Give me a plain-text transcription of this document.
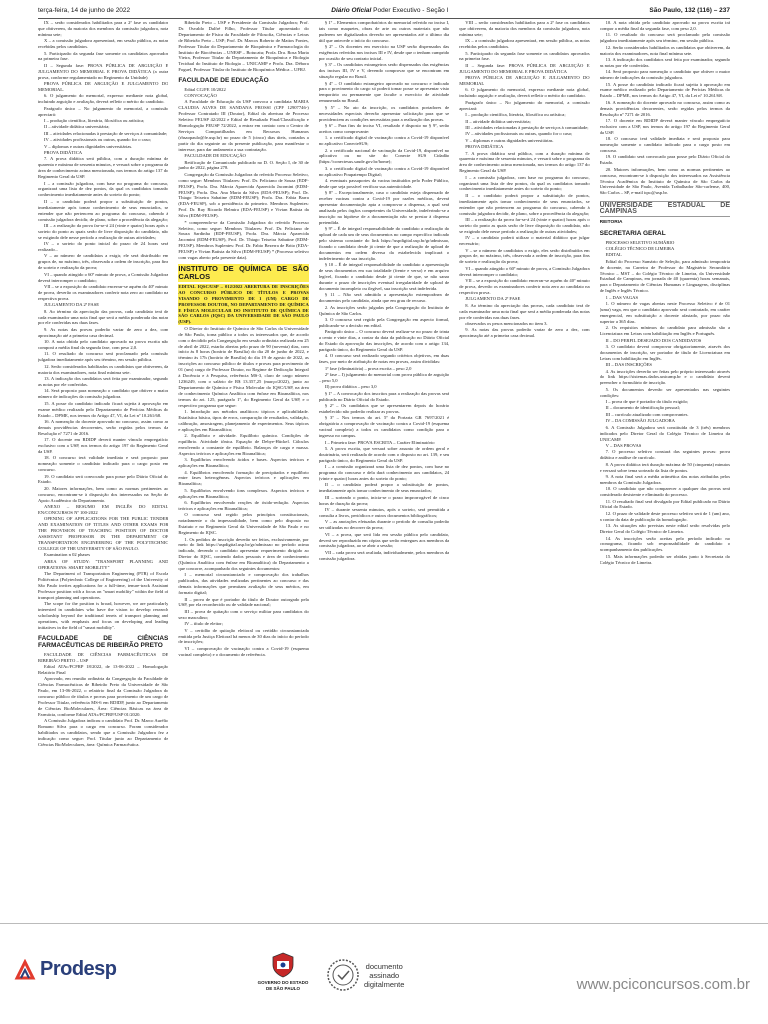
terça-feira, 14 de junho de 2022	Diário Oficial Poder Executivo - Seção I	São Paulo, 132 (116) – 237

IX – serão considerados habilitados para a 2ª fase os candidatos que obtiverem, da maioria dos membros da comissão julgadora, nota mínima sete;

X – a comissão julgadora apresentará, em sessão pública, as notas recebidas pelos candidatos.

5. Participarão da segunda fase somente os candidatos aprovados na primeira fase.

II – Segunda fase: PROVA PÚBLICA DE ARGUIÇÃO E JULGAMENTO DO MEMORIAL E PROVA DIDÁTICA (a outra prova, conforme regulamentado no Regimento da Unidade)

PROVA PÚBLICA DE ARGUIÇÃO E JULGAMENTO DO MEMORIAL.

6. O julgamento do memorial, expresso mediante nota global, incluindo arguição e avaliação, deverá refletir o mérito do candidato.

Parágrafo único – No julgamento do memorial, a comissão apreciará:

I – produção científica, literária, filosófica ou artística;

II – atividade didática universitária;

III – atividades relacionadas à prestação de serviços à comunidade;

IV – atividades profissionais ou outras, quando for o caso;

V – diplomas e outras dignidades universitárias.

PROVA DIDÁTICA

7. A prova didática será pública, com a duração mínima de quarenta e máxima de sessenta minutos, e versará sobre o programa da área de conhecimento acima mencionada, nos termos do artigo 137 do Regimento Geral da USP.

I – a comissão julgadora, com base no programa do concurso, organizará uma lista de dez pontos, da qual os candidatos tomarão conhecimento imediatamente antes do sorteio do ponto;

II – o candidato poderá propor a substituição de pontos, imediatamente após tomar conhecimento de seus enunciados, se entender que não pertencem ao programa do concurso, cabendo à comissão julgadora decidir, de plano, sobre a procedência da alegação;

III – a realização da prova far-se-á 24 (vinte e quatro) horas após o sorteio do ponto as quais serão de livre disposição do candidato, não se exigindo dele nesse período a realização de outras atividades;

IV – o sorteio do ponto inicial do prazo de 24 horas será realizado...

V – ao número de candidatos a exigir, ele será distribuído em grupos de, no máximo, três, observada a ordem de inscrição, para fins de sorteio e realização da prova;

VI – quando atingido o 60º minuto de prova, a Comissão Julgadora deverá interromper o candidato;

VII – se a exposição do candidato encerrar-se aquém do 40º minuto de prova, deverão os examinadores conferir nota zero ao candidato na respectiva prova.

JULGAMENTO DA 2ª FASE

8. Ao término da apreciação das provas, cada candidato terá de cada examinador uma nota final que será a média ponderada das notas por ele conferidas nas duas fases.

9. As notas das provas poderão variar de zero a dez, com aproximação até a primeira casa decimal.

10. A nota obtida pelo candidato aprovado na prova escrita não comporá a média final da segunda fase, com peso 2,0.

11. O resultado do concurso será proclamado pela comissão julgadora imediatamente após seu término, em sessão pública.

12. Serão considerados habilitados os candidatos que obtiverem, da maioria dos examinadores, nota final mínima sete.

13. A indicação dos candidatos será feita por examinador, segundo as notas por ele conferidas.

14. Será proposto para nomeação o candidato que obtiver o maior número de indicações da comissão julgadora.

15. A posse do candidato indicado ficará sujeita à aprovação em exame médico realizado pelo Departamento de Perícias Médicas do Estado – DPME, nos termos do Artigo 47, VI, da Lei nº 10.261/68.

16. A nomeação do docente aprovado no concurso, assim como as demais providências decorrentes, serão regidas pelos termos da Resolução nº 7271 de 2016.

17. O docente em RDIDP deverá manter vínculo empregatício exclusivo com a USP, nos termos do artigo 197 do Regimento Geral da USP.

18. O concurso terá validade imediata e será proposto para nomeação somente o candidato indicado para o cargo posto em concurso.

19. O candidato será convocado para posse pelo Diário Oficial do Estado.

20. Maiores informações, bem como as normas pertinentes ao concurso, encontram-se à disposição dos interessados na Seção de Apoio Acadêmico do Departamento.

ANEXO – RESUMO EM INGLÊS DO EDITAL EN/CONCURSOS Nº 100-2022

OPENING OF APPLICATIONS FOR THE PUBLIC TENDER AND EXAMINATION OF TITLES AND OTHER EXAMS FOR THE PROVISION OF TEACHING POSITION OF DOCTOR ASSISTANT PROFESSOR IN THE DEPARTMENT OF TRANSPORTATION ENGINEERING OF THE POLYTECHNIC COLLEGE OF THE UNIVERSITY OF SÃO PAULO.

Examination n 02 phases

AREA OF STUDY: "TRANSPORT PLANNING AND OPERATIONS: SMART MOBILITY"

The Department of Transportation Engineering (PTR) of Escola Politécnica (Polytechnic College of Engineering) of the University of São Paulo invites applications for a full-time, tenure-track Assistant Professor position with a focus on "smart mobility" within the field of transport planning and operations.

The scope for the position is broad, however, we are particularly interested in candidates who have the vision to develop research scholarship beyond the traditional tenets of transport planning and operations, with emphasis and focus on developing and leading initiatives in the field of "smart mobility".

FACULDADE DE CIÊNCIAS FARMACÊUTICAS DE RIBEIRÃO PRETO

FACULDADE DE CIÊNCIAS FARMACÊUTICAS DE RIBEIRÃO PRETO – USP

Edital ATAc/FCFRP 18/2022, de 13-06-2022 – Homologação Relatório Final

Aprovado, em reunião ordinária da Congregação da Faculdade de Ciências Farmacêuticas de Ribeirão Preto da Universidade de São Paulo, em 13-06-2022, o relatório final da Comissão Julgadora do concurso público de títulos e provas para provimento de um cargo de Professor Titular, referência MS-6 em RDIDP, junto ao Departamento de Ciências BioMoleculares, Área: Ciências Básicas na área de Farmácia, conforme Edital ATAc/FCFRP/USP 01/2020.

A Comissão Julgadora indicou o candidato Prof. Dr. Marco Aurélio Romano Silva para o cargo em concurso. Foram considerados habilitados os candidatos, sendo que a Comissão Julgadora fez a indicação como segue: Prof. Titular junto ao Departamento de Ciências BioMoleculares, área: Química Farmacêutica.

Ribeirão Preto – USP e Presidente da Comissão Julgadora; Prof. Dr. Osvaldo Dalfré Filho, Professor Titular aposentado do Departamento de Física da Faculdade de Filosofia, Ciências e Letras de Ribeirão Preto – USP; Prof. Dr. Marcos Roberto de Mattos Fontes, Professor Titular do Departamento de Bioquímica e Farmacologia do Instituto de Biociências – UNESP – Botucatu; Profa. Dra. Rosa Maria Vieira, Professor Titular do Departamento de Bioquímica e Biologia Tecidual do Instituto de Biologia – UNICAMP e Profa. Dra. Débora Foguel, Professor Titular do Instituto de Bioquímica Médica – UFRJ.

FACULDADE DE EDUCAÇÃO

Edital CG/FE 10/2022

CONVOCAÇÃO

A Faculdade de Educação da USP convoca a candidata MARIA CLAUDIA ALVES DE SANDANA FROSSI (CPF 12907746-) Professor Contratado III (Doutor), Edital da abertura de Processo Seletivo FEUSP 42/2022 e Edital de Resultado Final/Classificação e Homologação FEUSP 72/2022, a entrar em contato com o Centro de Serviços Compartilhados em Recursos Humanos (rhsaopaulo@fe.usp.br) no prazo de 5 (cinco) dias úteis, contados a partir do dia seguinte ao da presente publicação, para manifestar o interesse, para dar andamento a sua contratação.

FACULDADE DE EDUCAÇÃO

Retificação de Comunicado publicado no D. O. Seção I, de 30 de junho de 2022, página 278.

Congregação da Comissão Julgadora do referido Processo Seletivo, como segue: Membros Titulares: Prof. Dr. Feliciano de Souza (EDF-FEUSP), Profa. Dra. Márcia Aparecida Aparecida Jacomini (EDM-FEUSP); Profa. Dra. Ana Maria da Silva (EDA-FEUSP); Prof. Dr. Thiago Teixeira Sabatine (EDM-FEUSP); Profa. Dra. Fabia Barra (EDA-FEUSP), sob a presidência do primeiro. Membros Suplentes: Prof. Dr. Ruy Ricardo Belmira (EDA-FEUSP) e Vivian Batista da Silva (EDM-FEUSP).

* compreendo-se da Comissão Julgadora do referido Processo Seletivo, como segue: Membros Titulares: Prof. Dr. Feliciano de Souza Sardinha (EDF-FEUSP), Profa. Dra. Márcia Aparecida Jacomini (EDM-FEUSP), Prof. Dr. Thiago Teixeira Sabatine (EDM-FEUSP). Membros Suplentes: Prof. Dr. Fabio Bezerra de Brito (EDA-FEUSP) e Vivian Batista da Silva (EDM-FEUSP) * (Processo seletivo com vagas aberto pela presente data).

INSTITUTO DE QUÍMICA DE SÃO CARLOS

EDITAL IQSC/USP – 012/2022 ABERTURA DE INSCRIÇÕES AO CONCURSO PÚBLICO DE TÍTULOS E PROVAS VISANDO O PROVIMENTO DE 1 (UM) CARGO DE PROFESSOR DOUTOR, NO DEPARTAMENTO DE QUÍMICA E FÍSICA MOLECULAR DO INSTITUTO DE QUÍMICA DE SÃO CARLOS (IQSC) DA UNIVERSIDADE DE SÃO PAULO (USP).

O Diretor do Instituto de Química de São Carlos da Universidade de São Paulo, torna público a todos os interessados que, de acordo com o decidido pela Congregação em sessão ordinária realizada em 25 de abril de 2022, estarão abertas pelo prazo de 90 (noventa) dias, com início às 8 horas (horário de Brasília) do dia 20 de junho de 2022, e término às 17h (horário de Brasília) do dia 19 de agosto de 2022, as inscrições ao concurso público de títulos e provas para provimento de 01 (um) cargo de Professor Doutor, no Regime de Dedicação Integral à Docência e à Pesquisa, referência MS-3, claro de cargo número 1236249, com o salário de R$ 13.357,25 (março/2022), junto ao Departamento de Química e Física Molecular do IQSC/USP, na área de conhecimento Química Analítica com ênfase em Bioanalítica, nos termos do art. 125, parágrafo 1º, do Regimento Geral da USP, e o respectivo programa que segue:

1. Introdução aos métodos analíticos: tópicos e aplicabilidade. Estatística básica, tipos de erros, comparação de resultados, validação, calibração, amostragem, planejamento de experimentos. Seus tópicos e aplicações em Bioanalítica;

2. Equilíbrio e atividade. Equilíbrio químico. Condições de equilíbrio. Atividade iônica. Equação de Debye-Hückel. Cálculos envolvendo a constante de equilíbrio. Balanços de carga e massa. Aspectos teóricos e aplicações em Bioanalítica;

3. Equilíbrios envolvendo ácidos e bases. Aspectos teóricos e aplicações em Bioanalítica;

4. Equilíbrios envolvendo formação de precipitados e equilíbrio entre fases heterogêneas. Aspectos teóricos e aplicações em Bioanalítica;

5. Equilíbrios envolvendo íons complexos. Aspectos teóricos e aplicações em Bioanalítica;

6. Equilíbrios envolvendo reações de óxido-redução. Aspectos teóricos e aplicações em Bioanalítica;

O concurso será regido pelos princípios constitucionais, notadamente o da impessoalidade, bem como pelo disposto no Estatuto e no Regimento Geral da Universidade de São Paulo e no Regimento do IQSC.

1. Os pedidos de inscrição deverão ser feitos, exclusivamente, por meio do link https://uspdigital.usp.br/gr/admissao no período acima indicado, devendo o candidato apresentar requerimento dirigido ao Diretor do IQSC, contendo dados pessoais e área de conhecimento (Química Analítica com ênfase em Bioanalítica) do Departamento a que concorre, acompanhado dos seguintes documentos:

I – memorial circunstanciado e comprovação dos trabalhos publicados, das atividades realizadas pertinentes ao concurso e das demais informações que permitam avaliação de seus méritos, em formato digital;

II – prova de que é portador do título de Doutor outorgado pela USP, por ela reconhecido ou de validade nacional;

III – prova de quitação com o serviço militar para candidatos do sexo masculino;

IV – título de eleitor;

V – certidão de quitação eleitoral ou certidão circunstanciada emitida pela Justiça Eleitoral há menos de 30 dias do início do período de inscrições;

VI – comprovação de vacinação contra a Covid-19 (esquema vacinal completo) e o documento de referência.

§ 1º – Elementos comprobatórios do memorial referido no inciso I, tais como maquetes, obras de arte ou outros materiais que não puderem ser digitalizados deverão ser apresentados até o último dia útil que antecede o início do concurso.

§ 2º – Os docentes em exercício na USP serão dispensados das exigências referidas nos incisos III e IV, desde que o tenham cumprido por ocasião de seu contrato inicial.

§ 3º – Os candidatos estrangeiros serão dispensados das exigências dos incisos III, IV e V, devendo comprovar que se encontram em situação regular no Brasil.

§ 4º – O candidato estrangeiro aprovado no concurso e indicado para o provimento do cargo só poderá tomar posse se apresentar visto temporário ou permanente que faculte o exercício de atividade remunerada no Brasil.

§ 5º – No ato da inscrição, os candidatos portadores de necessidades especiais deverão apresentar solicitação para que se providenciem as condições necessárias para a realização das provas.

§ 6º – Para fins do inciso VI, resultado é disposto no § 9º, serão aceitos como comprovante:

1. o certificado digital de vacinação contra a Covid-19 disponível no aplicativo ConecteSUS;

2. o certificado nacional de vacinação da Covid-19, disponível no aplicativo ou no site do Conecte SUS Cidadão (https://conectesus.saude.gov.br/home);

3. o certificado digital de vacinação contra a Covid-19 disponível no aplicativo Poupatempo Digital;

4. eventuais passaportes da vacina instituídos pelo Poder Público, desde que seja possível verificar sua autenticidade.

§ 8º – Excepcionalmente, caso o candidato esteja dispensado de receber vacinas contra a Covid-19 por razões médicas, deverá apresentar documentação apta a comprovar a dispensa, a qual será analisada pelos órgãos competentes da Universidade, indeferindo-se a inscrição na hipótese de a documentação não se prestar à dispensa pretendida.

§ 9º – É de integral responsabilidade do candidato a realização do upload de cada um de seus documentos no campo específico indicado pelo sistema constante do link https://uspdigital.usp.br/gr/admissao, ficando o candidato desde já ciente de que a realização de upload de documentos em ordem diversa da estabelecida implicará o indeferimento de sua inscrição.

§ 10 – É de integral responsabilidade do candidato a apresentação de seus documentos em sua totalidade (frente e verso) e em arquivo legível, ficando o candidato desde já ciente de que, se não sanar durante o prazo de inscrições eventual irregularidade de upload de documento incompleto ou ilegível, sua inscrição será indeferida.

§ 11 – Não será admitida a apresentação extemporânea de documentos pelo candidato, ainda que em grau de recurso.

2. As inscrições serão julgadas pela Congregação do Instituto de Química de São Carlos.

3. O concurso será regido pela Congregação em aspecto formal, publicando-se a decisão em edital.

Parágrafo único – O concurso deverá realizar-se no prazo de trinta a cento e vinte dias, a contar da data da publicação no Diário Oficial do Estado da aprovação das inscrições, de acordo com o artigo 134, parágrafo único, do Regimento Geral da USP.

4. O concurso será realizado segundo critérios objetivos, em duas fases, por meio de atribuição de notas em provas, assim divididas:

1ª fase (eliminatória) – prova escrita – peso 2,0

2ª fase – I) julgamento do memorial com prova pública de arguição – peso 5,0

II) prova didática – peso 3,0

§ 1º – A convocação dos inscritos para a realização das provas será publicada no Diário Oficial do Estado.

§ 2º – Os candidatos que se apresentarem depois do horário estabelecido não poderão realizar as provas.

§ 3º – Nos termos do art. 5º da Portaria GR 7697/2021 é obrigatória a comprovação de vacinação contra a Covid-19 (esquema vacinal completo) a todos os candidatos como condição para o ingresso no campus.

I – Primeira fase: PROVA ESCRITA – Caráter Eliminatório

5. A prova escrita, que versará sobre assunto de ordem geral e doutrinária, será realizada de acordo com o disposto no art. 139, e seu parágrafo único, do Regimento Geral da USP.

I – a comissão organizará uma lista de dez pontos, com base no programa do concurso e dela dará conhecimento aos candidatos, 24 (vinte e quatro) horas antes do sorteio do ponto;

II – o candidato poderá propor a substituição de pontos, imediatamente após tomar conhecimento de seus enunciados;

III – sorteado o ponto, inicia-se o prazo improrrogável de cinco horas de duração da prova;

IV – durante sessenta minutos, após o sorteio, será permitida a consulta a livros, periódicos e outros documentos bibliográficos;

V – as anotações efetuadas durante o período de consulta poderão ser utilizadas no decorrer da prova;

VI – a prova, que será lida em sessão pública pelo candidato, deverá ser reproduzida em cópias que serão entregues aos membros da comissão julgadora, ao se abrir a sessão;

VII – cada prova será avaliada, individualmente, pelos membros da comissão julgadora.

VIII – serão considerados habilitados para a 2ª fase os candidatos que obtiverem, da maioria dos membros da comissão julgadora, nota mínima sete;

IX – a comissão julgadora apresentará, em sessão pública, as notas recebidas pelos candidatos.

5. Participarão da segunda fase somente os candidatos aprovados na primeira fase.

II – Segunda fase: PROVA PÚBLICA DE ARGUIÇÃO E JULGAMENTO DO MEMORIAL E PROVA DIDÁTICA

PROVA PÚBLICA DE ARGUIÇÃO E JULGAMENTO DO MEMORIAL

6. O julgamento do memorial, expresso mediante nota global, incluindo arguição e avaliação, deverá refletir o mérito do candidato.

Parágrafo único – No julgamento do memorial, a comissão apreciará:

I – produção científica, literária, filosófica ou artística;

II – atividade didática universitária;

III – atividades relacionadas à prestação de serviços à comunidade;

IV – atividades profissionais ou outras, quando for o caso;

V – diplomas e outras dignidades universitárias.

PROVA DIDÁTICA

7. A prova didática será pública, com a duração mínima de quarenta e máxima de sessenta minutos, e versará sobre o programa da área de conhecimento acima mencionada, nos termos do artigo 137 do Regimento Geral da USP.

I – a comissão julgadora, com base no programa do concurso, organizará uma lista de dez pontos, da qual os candidatos tomarão conhecimento imediatamente antes do sorteio do ponto;

II – o candidato poderá propor a substituição de pontos, imediatamente após tomar conhecimento de seus enunciados, se entender que não pertencem ao programa do concurso, cabendo à comissão julgadora decidir, de plano, sobre a procedência da alegação;

III – a realização da prova far-se-á 24 (vinte e quatro) horas após o sorteio do ponto as quais serão de livre disposição do candidato, não se exigindo dele nesse período a realização de outras atividades;

IV – o candidato poderá utilizar o material didático que julgar necessário;

V – se o número de candidatos o exigir, eles serão distribuídos em grupos de, no máximo, três, observada a ordem de inscrição, para fins de sorteio e realização da prova;

VI – quando atingido o 60º minuto de prova, a Comissão Julgadora deverá interromper o candidato;

VII – se a exposição do candidato encerrar-se aquém do 40º minuto de prova, deverão os examinadores conferir nota zero ao candidato na respectiva prova.

JULGAMENTO DA 2ª FASE

8. Ao término da apreciação das provas, cada candidato terá de cada examinador uma nota final que será a média ponderada das notas por ele conferidas nas duas fases.

observados os pesos mencionados no item 3.

9. As notas das provas poderão variar de zero a dez, com aproximação até a primeira casa decimal.

10. A nota obtida pelo candidato aprovado na prova escrita irá compor a média final da segunda fase, com peso 2,0.

11. O resultado do concurso será proclamado pela comissão julgadora imediatamente após seu término, em sessão pública.

12. Serão considerados habilitados os candidatos que obtiverem, da maioria dos examinadores, nota final mínima sete.

13. A indicação dos candidatos será feita por examinador, segundo as notas por ele conferidas.

14. Será proposto para nomeação o candidato que obtiver o maior número de indicações da comissão julgadora.

15. A posse do candidato indicado ficará sujeita à aprovação em exame médico realizado pelo Departamento de Perícias Médicas do Estado – DPME, nos termos do Artigo 47, VI, da Lei nº 10.261/68.

16. A nomeação do docente aprovado no concurso, assim como as demais providências decorrentes, serão regidas pelos termos da Resolução nº 7271 de 2016.

17. O docente em RDIDP deverá manter vínculo empregatício exclusivo com a USP, nos termos do artigo 197 do Regimento Geral da USP.

18. O concurso terá validade imediata e será proposto para nomeação somente o candidato indicado para o cargo posto em concurso.

19. O candidato será convocado para posse pelo Diário Oficial do Estado.

20. Maiores informações, bem como as normas pertinentes ao concurso, encontram-se à disposição dos interessados na Assistência Técnica Acadêmica do Instituto de Química de São Carlos da Universidade de São Paulo, Avenida Trabalhador São-carlense, 400, São Carlos – SP, e-mail iqsc@usp.br.

UNIVERSIDADE ESTADUAL DE CAMPINAS
REITORIA
SECRETARIA GERAL

PROCESSO SELETIVO SUMÁRIO

COLÉGIO TÉCNICO DE LIMEIRA

EDITAL

Edital do Processo Sumário de Seleção, para admissão temporária de docente, na Carreira de Professor do Magistério Secundário Técnico – MST – do Colégio Técnico de Limeira, da Universidade Estadual de Campinas, em jornada de 40 (quarenta) horas semanais, para o Departamento de Ciências Humanas e Linguagens, disciplinas de Inglês e Inglês Técnico.

1 – DAS VAGAS

1. O número de vagas abertas neste Processo Seletivo é de 01 (uma) vaga, em que o candidato aprovado será contratado, em caráter emergencial, em substituição a docente afastado, por prazo não superior a 365 dias.

2. Os requisitos mínimos do candidato para admissão são a Licenciatura em Letras com habilitação em Inglês e Português.

II – DO PERFIL DESEJADO DOS CANDIDATOS

3. O candidato deverá comprovar obrigatoriamente, através dos documentos de inscrição, ser portador de título de Licenciatura em Letras com habilitação em Inglês.

III – DAS INSCRIÇÕES

4. As inscrições deverão ser feitas pelo próprio interessado através do link https://sistemas.dados.unicamp.br e o candidato deverá preencher o formulário de inscrição.

5. Os documentos deverão ser apresentados nas seguintes condições:

I – prova de que é portador do título exigido;

II – documento de identificação pessoal;

III – currículo atualizado com comprovantes.

IV – DA COMISSÃO JULGADORA

6. A Comissão Julgadora será constituída de 3 (três) membros indicados pelo Diretor Geral do Colégio Técnico de Limeira da UNICAMP.

V – DAS PROVAS

7. O processo seletivo constará das seguintes provas: prova didática e análise de currículo.

8. A prova didática terá duração máxima de 50 (cinquenta) minutos e versará sobre tema sorteado da lista de pontos.

9. A nota final será a média aritmética das notas atribuídas pelos membros da Comissão Julgadora.

10. O candidato que não comparecer a qualquer das provas será considerado desistente e eliminado do processo.

11. O resultado final será divulgado por Edital publicado no Diário Oficial do Estado.

12. O prazo de validade deste processo seletivo será de 1 (um) ano, a contar da data de publicação da homologação.

13. As situações não previstas neste edital serão resolvidas pelo Diretor Geral do Colégio Técnico de Limeira.

14. As inscrições serão aceitas pelo período indicado no cronograma, ficando sob responsabilidade do candidato o acompanhamento das publicações.

15. Mais informações poderão ser obtidas junto à Secretaria do Colégio Técnico de Limeira.

Prodesp
GOVERNO DO ESTADO
DE SÃO PAULO
documento
assinado
digitalmente	www.pciconcursos.com.br
